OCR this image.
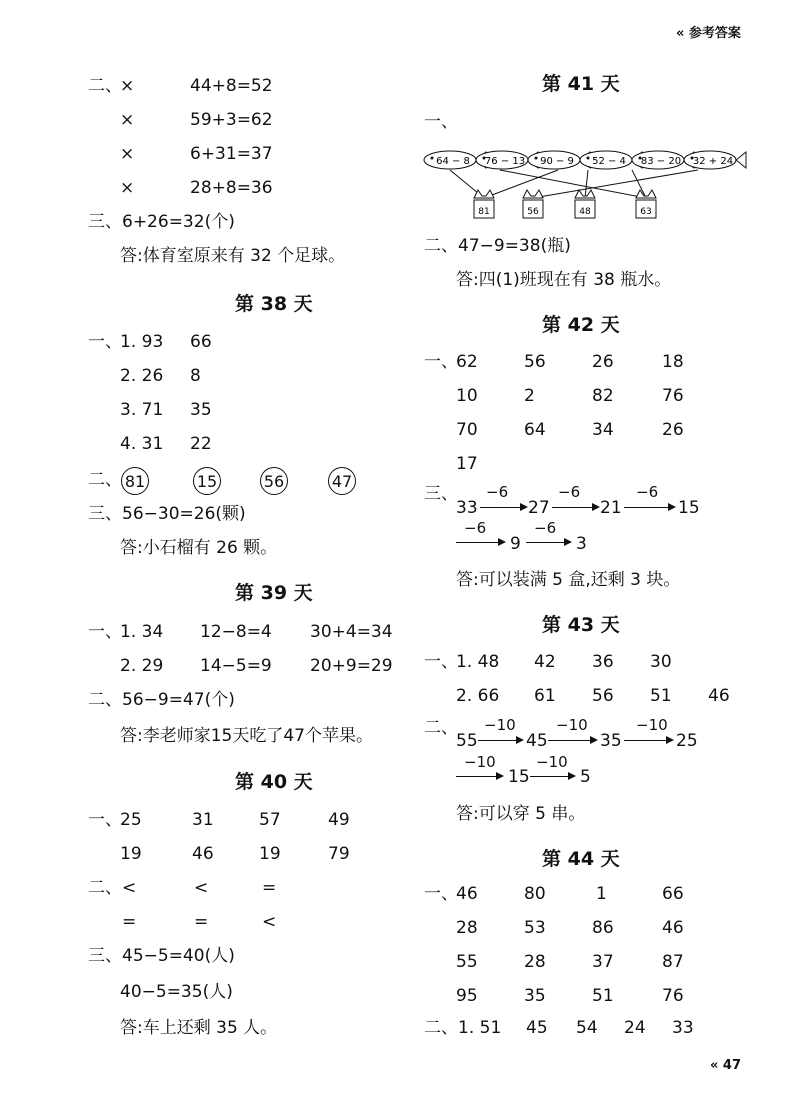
« 参考答案
« 47
二、
×	44+8=52
×	59+3=62
×	6+31=37
×	28+8=36
三、6+26=32(个)
答:体育室原来有 32 个足球。
第 38 天
一、
1. 93 66
2. 26 8
3. 71 35
4. 31 22
二、 81	15	56	47
三、56−30=26(颗)
答:小石榴有 26 颗。
第 39 天
一、
1. 34 12−8=4 30+4=34
2. 29 14−5=9 20+9=29
二、56−9=47(个)
答:李老师家15天吃了47个苹果。
第 40 天
一、
25	31	57	49
19	46	19	79
二、 <	<	=
=	=	<
三、45−5=40(人)
40−5=35(人)
答:车上还剩 35 人。
第 41 天
一、
64 − 8 76 − 13 90 − 9 52 − 4 83 − 20 32 + 24
81	56	48	63
二、47−9=38(瓶)
答:四(1)班现在有 38 瓶水。
第 42 天
一、
62	56	26	18
10	2	82	76
70	64	34	26
17
三、
33
−6
27
−6
21
−6
15
−6
9
−6
3
答:可以装满 5 盒,还剩 3 块。
第 43 天
一、
1. 48 42 36 30
2. 66 61 56 51 46
二、
55
−10
45
−10
35
−10
25
−10
15
−10
5
答:可以穿 5 串。
第 44 天
一、
46	80	1	66
28	53	86	46
55	28	37	87
95	35	51	76
二、1. 51 45 54 24 33
